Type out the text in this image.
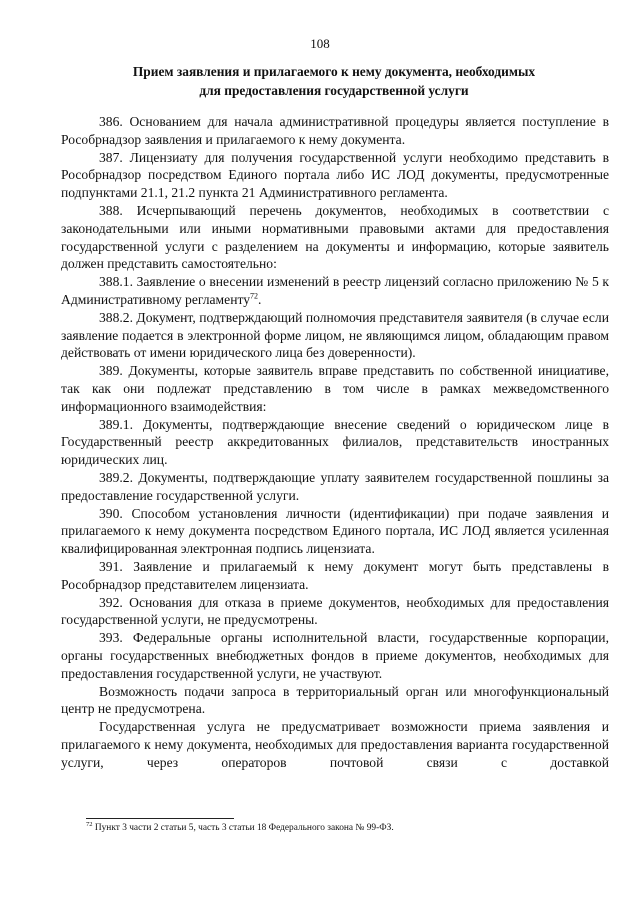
108
Прием заявления и прилагаемого к нему документа, необходимых
для предоставления государственной услуги

386. Основанием для начала административной процедуры является поступление в Рособрнадзор заявления и прилагаемого к нему документа.

387. Лицензиату для получения государственной услуги необходимо представить в Рособрнадзор посредством Единого портала либо ИС ЛОД документы, предусмотренные подпунктами 21.1, 21.2 пункта 21 Административного регламента.

388. Исчерпывающий перечень документов, необходимых в соответствии с законодательными или иными нормативными правовыми актами для предоставления государственной услуги с разделением на документы и информацию, которые заявитель должен представить самостоятельно:

388.1. Заявление о внесении изменений в реестр лицензий согласно приложению № 5 к Административному регламенту$^{72}$.

388.2. Документ, подтверждающий полномочия представителя заявителя (в случае если заявление подается в электронной форме лицом, не являющимся лицом, обладающим правом действовать от имени юридического лица без доверенности).

389. Документы, которые заявитель вправе представить по собственной инициативе, так как они подлежат представлению в том числе в рамках межведомственного информационного взаимодействия:

389.1. Документы, подтверждающие внесение сведений о юридическом лице в Государственный реестр аккредитованных филиалов, представительств иностранных юридических лиц.

389.2. Документы, подтверждающие уплату заявителем государственной пошлины за предоставление государственной услуги.

390. Способом установления личности (идентификации) при подаче заявления и прилагаемого к нему документа посредством Единого портала, ИС ЛОД является усиленная квалифицированная электронная подпись лицензиата.

391. Заявление и прилагаемый к нему документ могут быть представлены в Рособрнадзор представителем лицензиата.

392. Основания для отказа в приеме документов, необходимых для предоставления государственной услуги, не предусмотрены.

393. Федеральные органы исполнительной власти, государственные корпорации, органы государственных внебюджетных фондов в приеме документов, необходимых для предоставления государственной услуги, не участвуют.

Возможность подачи запроса в территориальный орган или многофункциональный центр не предусмотрена.

Государственная услуга не предусматривает возможности приема заявления и прилагаемого к нему документа, необходимых для предоставления варианта государственной услуги, через операторов почтовой связи с доставкой

$^{72}$ Пункт 3 части 2 статьи 5, часть 3 статьи 18 Федерального закона № 99-ФЗ.
